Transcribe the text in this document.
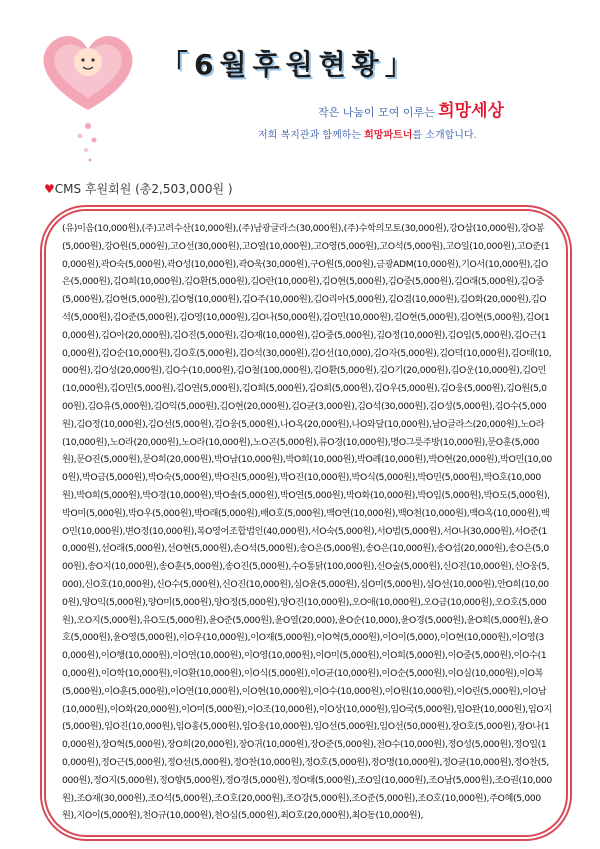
「6월후원현황」
작은 나눔이 모여 이루는 희망세상
저희 복지관과 함께하는 희망파트너를 소개합니다.
♥CMS 후원회원 (총2,503,000원 )
(유)이음(10,000원),(주)고려수산(10,000원),(주)남광글라스(30,000원),(주)수학의모토(30,000원),강O삼(10,000원),강O봉(5,000원),강O원(5,000원),고O선(30,000원),고O열(10,000원),고O영(5,000원),고O석(5,000원),고O일(10,000원),고O준(10,000원),곽O숙(5,000원),곽O성(10,000원),곽O욱(30,000원),구O원(5,000원),금광ADM(10,000원),기O서(10,000원),김O은(5,000원),김O희(10,000원),김O환(5,000원),김O란(10,000원),김O현(5,000원),김O중(5,000원),김O래(5,000원),김O중(5,000원),김O현(5,000원),김O형(10,000원),김O주(10,000원),김O리아(5,000원),김O겸(10,000원),김O화(20,000원),김O석(5,000원),김O준(5,000원),김O영(10,000원),김O나(50,000원),김O민(10,000원),김O현(5,000원),김O현(5,000원),김O(10,000원),김O아(20,000원),김O진(5,000원),김O재(10,000원),김O중(5,000원),김O정(10,000원),김O임(5,000원),김O근(10,000원),김O순(10,000원),김O호(5,000원),김O석(30,000원),김O선(10,000),김O자(5,000원),김O덕(10,000원),김O태(10,000원),김O성(20,000원),김O수(10,000원),김O철(100,000원),김O환(5,000원),김O기(20,000원),김O운(10,000원),김O민(10,000원),김O민(5,000원),김O연(5,000원),김O희(5,000원),김O희(5,000원),김O우(5,000원),김O웅(5,000원),김O원(5,000원),김O유(5,000원),김O익(5,000원),김O현(20,000원),김O균(3,000원),김O석(30,000원),김O성(5,000원),김O수(5,000원),김O정(10,000원),김O선(5,000원),김O웅(5,000원),나O옥(20,000원),나O와달(10,000원),남O글라스(20,000원),노O라(10,000원),노O라(20,000원),노O라(10,000원),노O곤(5,000원),류O경(10,000원),명O그릇주방(10,000원),문O훈(5,000원),문O진(5,000원),문O희(20,000원),박O남(10,000원),박O희(10,000원),박O례(10,000원),박O현(20,000원),박O민(10,000원),박O금(5,000원),박O숙(5,000원),박O진(5,000원),박O진(10,000원),박O식(5,000원),박O민(5,000원),박O호(10,000원),박O희(5,000원),박O경(10,000원),박O솔(5,000원),박O연(5,000원),박O화(10,000원),박O임(5,000원),박O도(5,000원),박O미(5,000원),박O우(5,000원),박O래(5,000원),배O호(5,000원),백O연(10,000원),백O천(10,000원),백O옥(10,000원),백O민(10,000원),변O정(10,000원),복O영어조합법인(40,000원),서O숙(5,000원),서O범(5,000원),서O나(30,000원),서O준(10,000원),선O래(5,000원),선O현(5,000원),손O석(5,000원),송O은(5,000원),송O은(10,000원),송O섭(20,000원),송O은(5,000원),송O지(10,000원),송O훈(5,000원),송O진(5,000원),수O통닭(100,000원),신O술(5,000원),신O진(10,000원),신O웅(5,000),신O호(10,000원),신O수(5,000원),신O진(10,000원),심O윤(5,000원),심O미(5,000원),심O선(10,000원),안O희(10,000원),양O익(5,000원),양O미(5,000원),양O정(5,000원),양O진(10,000원),오O애(10,000원),오O금(10,000원),오O호(5,000원),오O지(5,000원),유O도(5,000원),윤O준(5,000원),윤O열(20,000),윤O순(10,000),윤O경(5,000원),윤O희(5,000원),윤O호(5,000원),윤O영(5,000원),이O우(10,000원),이O재(5,000원),이O혁(5,000원),이O이(5,000),이O현(10,000원),이O영(30,000원),이O행(10,000원),이O연(10,000원),이O영(10,000원),이O미(5,000원),이O희(5,000원),이O중(5,000원),이O수(10,000원),이O학(10,000원),이O환(10,000원),이O식(5,000원),이O균(10,000원),이O순(5,000원),이O실(10,000원),이O복(5,000원),이O훈(5,000원),이O연(10,000원),이O현(10,000원),이O수(10,000원),이O원(10,000원),이O린(5,000원),이O남(10,000원),이O화(20,000원),이O미(5,000원),이O조(10,000원),이O상(10,000원),임O국(5,000원),임O완(10,000원),임O지(5,000원),임O진(10,000원),임O홍(5,000원),임O웅(10,000원),임O선(5,000원),임O선(50,000원),장O호(5,000원),장O나(10,000원),장O혁(5,000원),장O희(20,000원),장O귀(10,000원),장O준(5,000원),전O수(10,000원),정O성(5,000원),정O일(10,000원),정O근(5,000원),정O선(5,000원),정O찬(10,000원),정O호(5,000원),정O명(10,000원),정O균(10,000원),정O찬(5,000원),정O지(5,000원),정O향(5,000원),정O경(5,000원),정O태(5,000원),조O일(10,000원),조O남(5,000원),조O권(10,000원),조O재(30,000원),조O석(5,000원),조O호(20,000원),조O강(5,000원),조O준(5,000원),조O호(10,000원),주O혜(5,000원),지O이(5,000원),천O규(10,000원),천O심(5,000원),최O호(20,000원),최O동(10,000원),
